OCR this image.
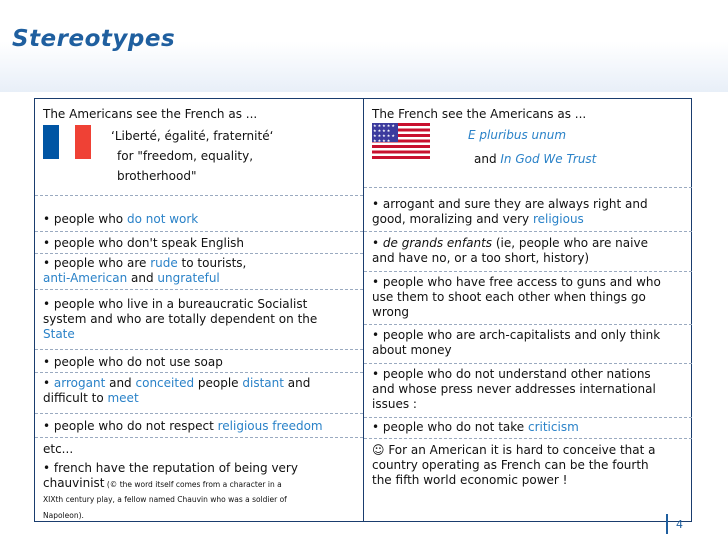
Stereotypes
The Americans see the French as ...
‘Liberté, égalité, fraternité‘
for "freedom, equality,
brotherhood"
• people who do not work
• people who don't speak English
• people who are rude to tourists,
anti-American and ungrateful
• people who live in a bureaucratic Socialist
system and who are totally dependent on the
State
• people who do not use soap
• arrogant and conceited people distant and
difficult to meet
• people who do not respect religious freedom
etc...
• french have the reputation of being very
chauvinist (© the word itself comes from a character in a
XIXth century play, a fellow named Chauvin who was a soldier of
Napoleon).
The French see the Americans as ...
★★★★★
★★★★
★★★★★
★★★★	E pluribus unum
and In God We Trust
• arrogant and sure they are always right and
good, moralizing and very religious
• de grands enfants (ie, people who are naive
and have no, or a too short, history)
• people who have free access to guns and who
use them to shoot each other when things go
wrong
• people who are arch-capitalists and only think
about money
• people who do not understand other nations
and whose press never addresses international
issues :
• people who do not take criticism
☺ For an American it is hard to conceive that a
country operating as French can be the fourth
the fifth world economic power !
4
